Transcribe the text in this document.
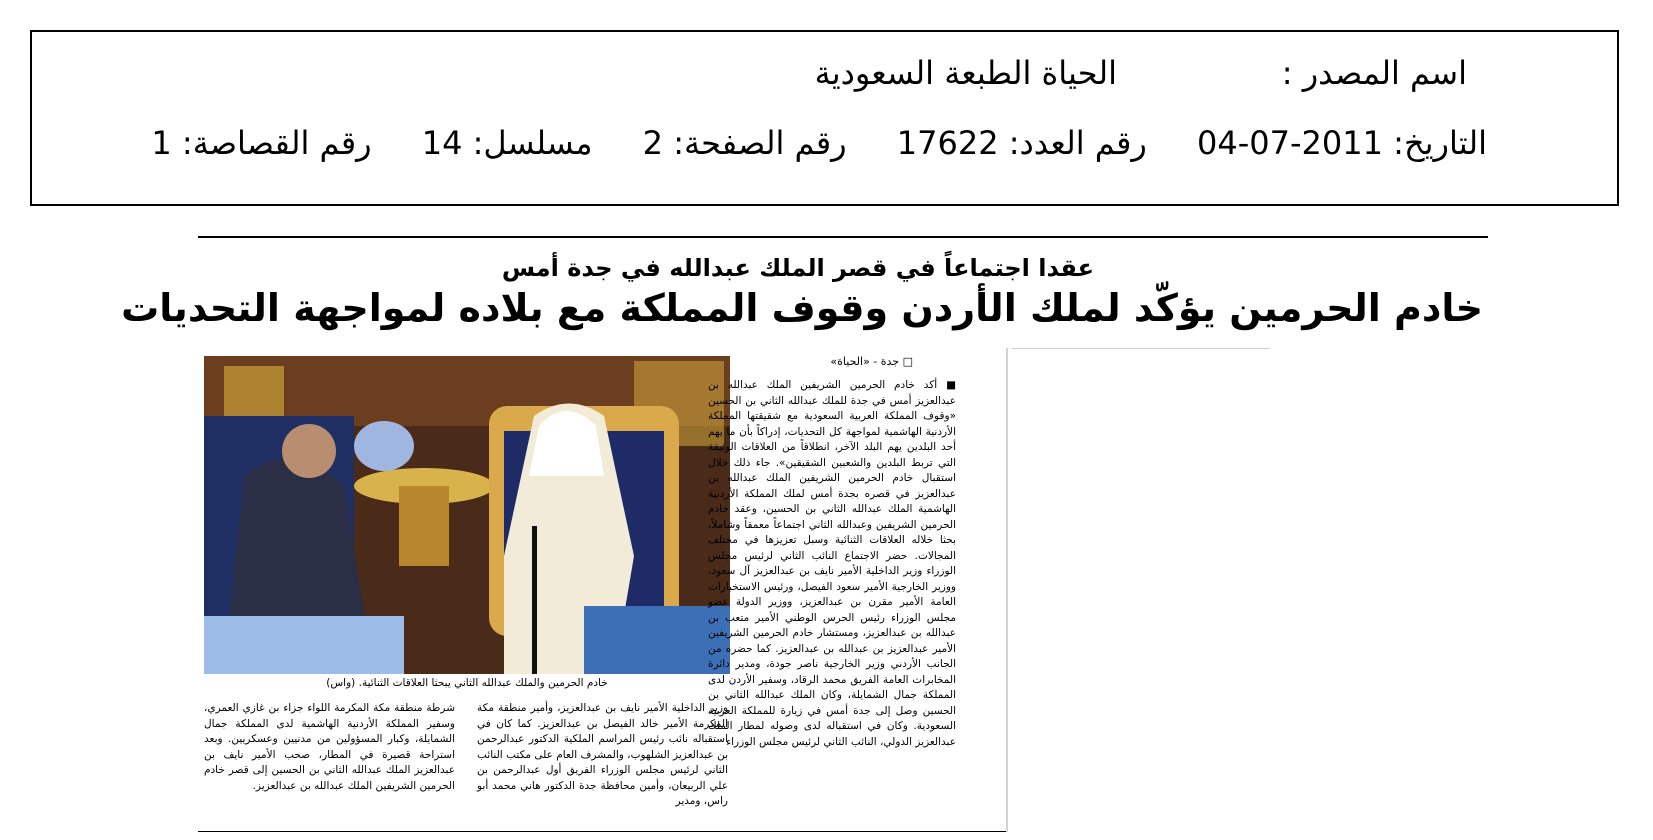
اسم المصدر :
الحياة الطبعة السعودية
التاريخ: 2011-07-04 رقم العدد: 17622 رقم الصفحة: 2 مسلسل: 14 رقم القصاصة: 1
عقدا اجتماعاً في قصر الملك عبدالله في جدة أمس
خادم الحرمين يؤكّد لملك الأردن وقوف المملكة مع بلاده لمواجهة التحديات
خادم الحرمين والملك عبدالله الثاني يبحثا العلاقات الثنائية. (واس)
□ جدة - «الحياة»
■ أكد خادم الحرمين الشريفين الملك عبدالله بن عبدالعزيز أمس في جدة للملك عبدالله الثاني بن الحسين «وقوف المملكة العربية السعودية مع شقيقتها المملكة الأردنية الهاشمية لمواجهة كل التحديات، إدراكاً بأن ما يهم أحد البلدين يهم البلد الآخر، انطلاقاً من العلاقات الوثيقة التي تربط البلدين والشعبين الشقيقين». جاء ذلك خلال استقبال خادم الحرمين الشريفين الملك عبدالله بن عبدالعزيز في قصره بجدة أمس لملك المملكة الأردنية الهاشمية الملك عبدالله الثاني بن الحسين، وعقد خادم الحرمين الشريفين وعبدالله الثاني اجتماعاً معمقاً وشاملاً، بحثا خلاله العلاقات الثنائية وسبل تعزيزها في مختلف المجالات. حضر الاجتماع النائب الثاني لرئيس مجلس الوزراء وزير الداخلية الأمير نايف بن عبدالعزيز آل سعود، ووزير الخارجية الأمير سعود الفيصل، ورئيس الاستخبارات العامة الأمير مقرن بن عبدالعزيز، ووزير الدولة عضو مجلس الوزراء رئيس الحرس الوطني الأمير متعب بن عبدالله بن عبدالعزيز، ومستشار خادم الحرمين الشريفين الأمير عبدالعزيز بن عبدالله بن عبدالعزيز. كما حضره من الجانب الأردني وزير الخارجية ناصر جودة، ومدير دائرة المخابرات العامة الفريق محمد الرقاد، وسفير الأردن لدى المملكة جمال الشمايلة، وكان الملك عبدالله الثاني بن الحسين وصل إلى جدة أمس في زيارة للمملكة العربية السعودية. وكان في استقباله لدى وصوله لمطار الملك عبدالعزيز الدولي، النائب الثاني لرئيس مجلس الوزراء
وزير الداخلية الأمير نايف بن عبدالعزيز، وأمير منطقة مكة المكرمة الأمير خالد الفيصل بن عبدالعزيز. كما كان في استقباله نائب رئيس المراسم الملكية الدكتور عبدالرحمن بن عبدالعزيز الشلهوب، والمشرف العام على مكتب النائب الثاني لرئيس مجلس الوزراء الفريق أول عبدالرحمن بن علي الربيعان، وأمين محافظة جدة الدكتور هاني محمد أبو راس، ومدير
شرطة منطقة مكة المكرمة اللواء جزاء بن غازي العمري، وسفير المملكة الأردنية الهاشمية لدى المملكة جمال الشمايلة، وكبار المسؤولين من مدنيين وعسكريين. وبعد استراحة قصيرة في المطار، صحب الأمير نايف بن عبدالعزيز الملك عبدالله الثاني بن الحسين إلى قصر خادم الحرمين الشريفين الملك عبدالله بن عبدالعزيز.
